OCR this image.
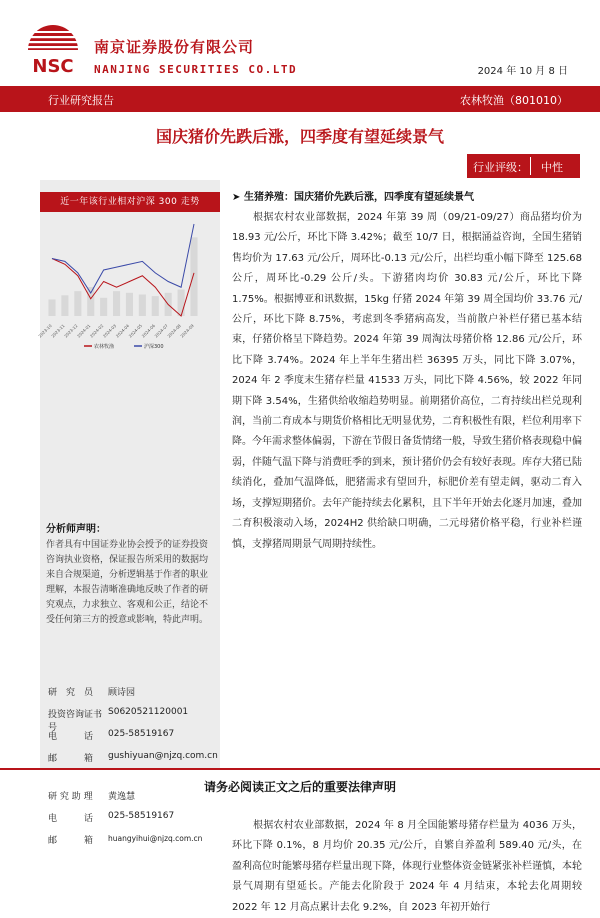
NSC
南京证券股份有限公司
NANJING SECURITIES CO.LTD	2024 年 10 月 8 日
行业研究报告	农林牧渔（801010）
国庆猪价先跌后涨，四季度有望延续景气
行业评级： 中性
近一年该行业相对沪深 300 走势
2023-10
2023-11
2023-12
2024-01
2024-02
2024-03
2024-04
2024-05
2024-06
2024-07
2024-08
2024-09
农林牧渔	沪深300
分析师声明：
作者具有中国证券业协会授予的证券投资咨询执业资格，保证报告所采用的数据均来自合规渠道，分析逻辑基于作者的职业理解，本报告清晰准确地反映了作者的研究观点，力求独立、客观和公正，结论不受任何第三方的授意或影响，特此声明。
研　究　员	顾诗园
投资咨询证书号
S0620521120001
电　　　话	025-58519167
邮　　　箱	gushiyuan@njzq.com.cn
研 究 助 理	黄逸慧
电　　　话	025-58519167
邮　　　箱	huangyihui@njzq.com.cn
➤ 生猪养殖：国庆猪价先跌后涨，四季度有望延续景气
根据农村农业部数据，2024 年第 39 周（09/21-09/27）商品猪均价为 18.93 元/公斤，环比下降 3.42%；截至 10/7 日，根据涌益咨询，全国生猪销售均价为 17.63 元/公斤，周环比-0.13 元/公斤，出栏均重小幅下降至 125.68 公斤，周环比-0.29 公斤/头。下游猪肉均价 30.83 元/公斤，环比下降 1.75%。根据博亚和讯数据，15kg 仔猪 2024 年第 39 周全国均价 33.76 元/公斤，环比下降 8.75%，考虑到冬季猪病高发，当前散户补栏仔猪已基本结束，仔猪价格呈下降趋势。2024 年第 39 周淘汰母猪价格 12.86 元/公斤，环比下降 3.74%。2024 年上半年生猪出栏 36395 万头，同比下降 3.07%，2024 年 2 季度末生猪存栏量 41533 万头，同比下降 4.56%，较 2022 年同期下降 3.54%，生猪供给收缩趋势明显。前期猪价高位，二育持续出栏兑现利润，当前二育成本与期货价格相比无明显优势，二育积极性有限，栏位利用率下降。今年需求整体偏弱，下游在节假日备货情绪一般，导致生猪价格表现稳中偏弱，伴随气温下降与消费旺季的到来，预计猪价仍会有较好表现。库存大猪已陆续消化，叠加气温降低，肥猪需求有望回升，标肥价差有望走阔，驱动二育入场，支撑短期猪价。去年产能持续去化累积，且下半年开始去化逐月加速，叠加二育积极滚动入场，2024H2 供给缺口明确，二元母猪价格平稳，行业补栏谨慎，支撑猪周期景气周期持续性。
根据农村农业部数据，2024 年 8 月全国能繁母猪存栏量为 4036 万头，环比下降 0.1%，8 月均价 20.35 元/公斤，自繁自养盈利 589.40 元/头，在盈利高位时能繁母猪存栏量出现下降，体现行业整体资金链紧张补栏谨慎，本轮景气周期有望延长。产能去化阶段于 2024 年 4 月结束，本轮去化周期较 2022 年 12 月高点累计去化 9.2%，自 2023 年初开始行
请务必阅读正文之后的重要法律声明
